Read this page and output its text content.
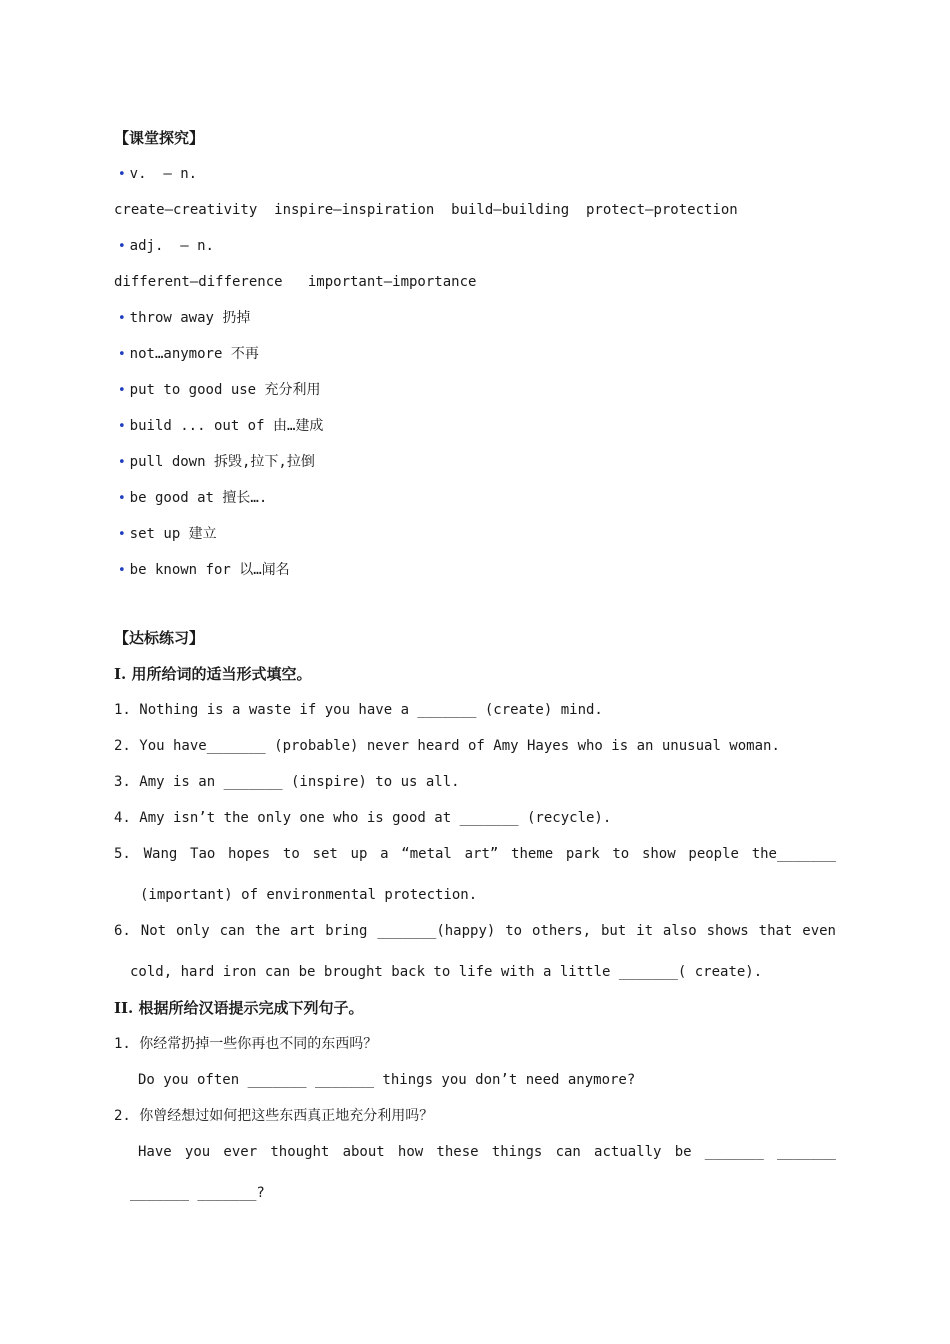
【课堂探究】
• v.  — n.
create—creativity  inspire—inspiration  build—building  protect—protection
• adj.  — n.
different—difference   important—importance
• throw away 扔掉
• not…anymore 不再
• put to good use 充分利用
• build ... out of 由…建成
• pull down 拆毁,拉下,拉倒
• be good at 擅长….
• set up 建立
• be known for 以…闻名
【达标练习】
I. 用所给词的适当形式填空。
1. Nothing is a waste if you have a _______ (create) mind.
2. You have_______ (probable) never heard of Amy Hayes who is an unusual woman.
3. Amy is an _______ (inspire) to us all.
4. Amy isn’t the only one who is good at _______ (recycle).
5. Wang Tao hopes to set up a “metal art” theme park to show people the_______
(important) of environmental protection.
6. Not only can the art bring _______(happy) to others, but it also shows that even
cold, hard iron can be brought back to life with a little _______( create).
II. 根据所给汉语提示完成下列句子。
1. 你经常扔掉一些你再也不同的东西吗？
Do you often _______ _______ things you don’t need anymore?
2. 你曾经想过如何把这些东西真正地充分利用吗？
Have you ever thought about how these things can actually be _______ _______
_______ _______?
